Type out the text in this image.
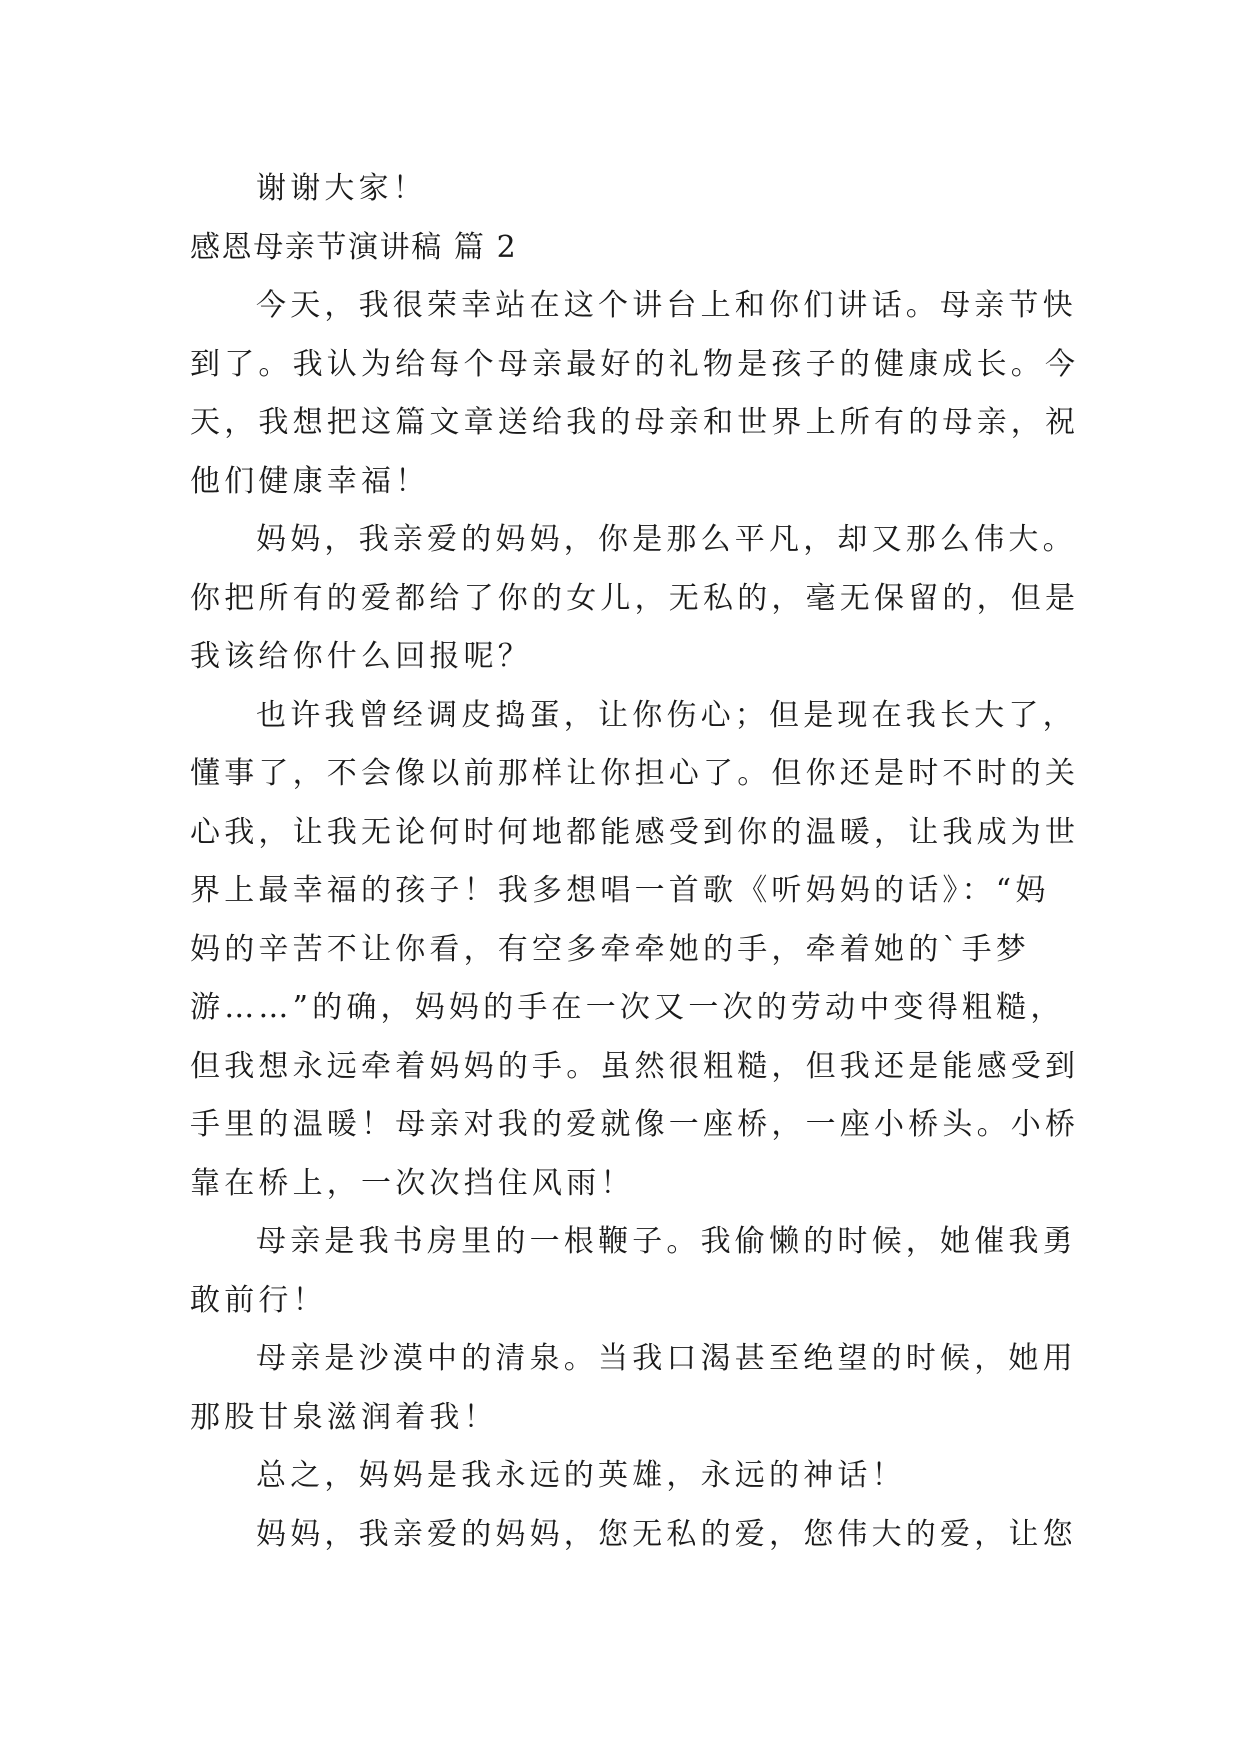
谢谢大家！
感恩母亲节演讲稿 篇 2
今天，我很荣幸站在这个讲台上和你们讲话。母亲节快
到了。我认为给每个母亲最好的礼物是孩子的健康成长。今
天，我想把这篇文章送给我的母亲和世界上所有的母亲，祝
他们健康幸福！
妈妈，我亲爱的妈妈，你是那么平凡，却又那么伟大。
你把所有的爱都给了你的女儿，无私的，毫无保留的，但是
我该给你什么回报呢？
也许我曾经调皮捣蛋，让你伤心；但是现在我长大了，
懂事了，不会像以前那样让你担心了。但你还是时不时的关
心我，让我无论何时何地都能感受到你的温暖，让我成为世
界上最幸福的孩子！我多想唱一首歌《听妈妈的话》：“妈
妈的辛苦不让你看，有空多牵牵她的手，牵着她的`手梦
游……”的确，妈妈的手在一次又一次的劳动中变得粗糙，
但我想永远牵着妈妈的手。虽然很粗糙，但我还是能感受到
手里的温暖！母亲对我的爱就像一座桥，一座小桥头。小桥
靠在桥上，一次次挡住风雨！
母亲是我书房里的一根鞭子。我偷懒的时候，她催我勇
敢前行！
母亲是沙漠中的清泉。当我口渴甚至绝望的时候，她用
那股甘泉滋润着我！
总之，妈妈是我永远的英雄，永远的神话！
妈妈，我亲爱的妈妈，您无私的爱，您伟大的爱，让您
